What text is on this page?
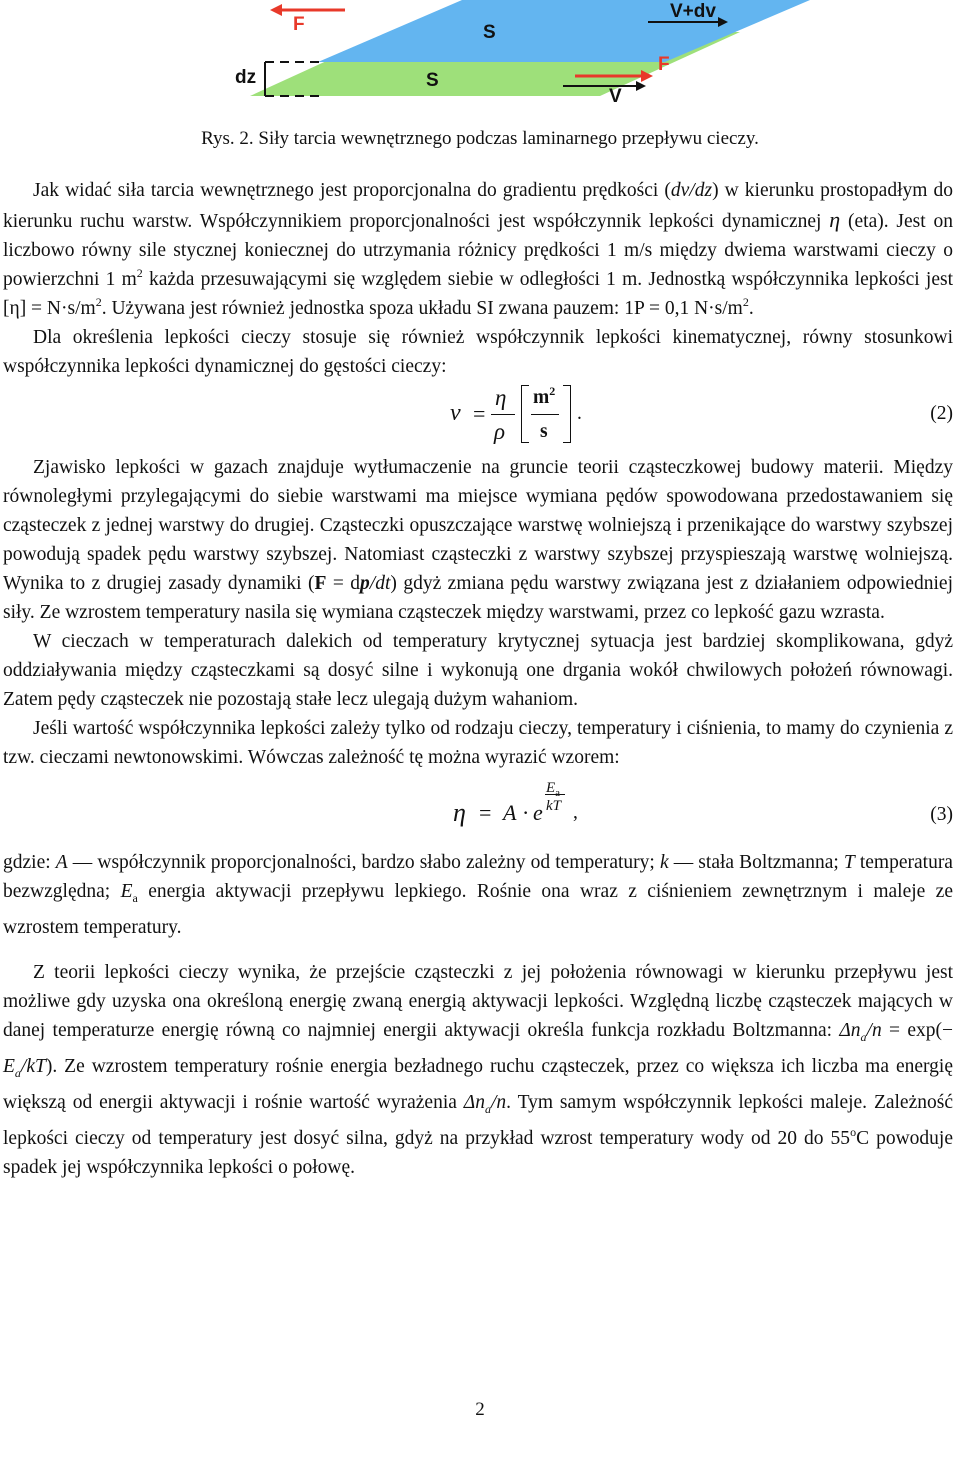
F	S
V+dv
dz	S
F
V
Rys. 2. Siły tarcia wewnętrznego podczas laminarnego przepływu cieczy.

Jak widać siła tarcia wewnętrznego jest proporcjonalna do gradientu prędkości (dv/dz) w kierunku prostopadłym do kierunku ruchu warstw. Współczynnikiem proporcjonalności jest współczynnik lepkości dynamicznej η (eta). Jest on liczbowo równy sile stycznej koniecznej do utrzymania różnicy prędkości 1 m/s między dwiema warstwami cieczy o powierzchni 1 $m^2$ każda przesuwającymi się względem siebie w odległości 1 m. Jednostką współczynnika lepkości jest $[\eta] = N\cdot s/m^2$. Używana jest również jednostka spoza układu SI zwana pauzem: 1P = 0,1 $N\cdot s/m^2$.

Dla określenia lepkości cieczy stosuje się również współczynnik lepkości kinematycznej, równy stosunkowi współczynnika lepkości dynamicznej do gęstości cieczy:

ν =
η
ρ
$m^2$
s
.	(2)

Zjawisko lepkości w gazach znajduje wytłumaczenie na gruncie teorii cząsteczkowej budowy materii. Między równoległymi przylegającymi do siebie warstwami ma miejsce wymiana pędów spowodowana przedostawaniem się cząsteczek z jednej warstwy do drugiej. Cząsteczki opuszczające warstwę wolniejszą i przenikające do warstwy szybszej powodują spadek pędu warstwy szybszej. Natomiast cząsteczki z warstwy szybszej przyspieszają warstwę wolniejszą. Wynika to z drugiej zasady dynamiki (F = dp/dt) gdyż zmiana pędu warstwy związana jest z działaniem odpowiedniej siły. Ze wzrostem temperatury nasila się wymiana cząsteczek między warstwami, przez co lepkość gazu wzrasta.

W cieczach w temperaturach dalekich od temperatury krytycznej sytuacja jest bardziej skomplikowana, gdyż oddziaływania między cząsteczkami są dosyć silne i wykonują one drgania wokół chwilowych położeń równowagi. Zatem pędy cząsteczek nie pozostają stałe lecz ulegają dużym wahaniom.

Jeśli wartość współczynnika lepkości zależy tylko od rodzaju cieczy, temperatury i ciśnienia, to mamy do czynienia z tzw. cieczami newtonowskimi. Wówczas zależność tę można wyrazić wzorem:

η = A · e
$E_a$
kT ,	(3)

gdzie: A — współczynnik proporcjonalności, bardzo słabo zależny od temperatury; k — stała Boltzmanna; T temperatura bezwzględna; $E_a$ energia aktywacji przepływu lepkiego. Rośnie ona wraz z ciśnieniem zewnętrznym i maleje ze wzrostem temperatury.

Z teorii lepkości cieczy wynika, że przejście cząsteczki z jej położenia równowagi w kierunku przepływu jest możliwe gdy uzyska ona określoną energię zwaną energią aktywacji lepkości. Względną liczbę cząsteczek mających w danej temperaturze energię równą co najmniej energii aktywacji określa funkcja rozkładu Boltzmanna: $\Delta n_a/n = \exp(- E_a/kT)$. Ze wzrostem temperatury rośnie energia bezładnego ruchu cząsteczek, przez co większa ich liczba ma energię większą od energii aktywacji i rośnie wartość wyrażenia $\Delta n_a/n$. Tym samym współczynnik lepkości maleje. Zależność lepkości cieczy od temperatury jest dosyć silna, gdyż na przykład wzrost temperatury wody od 20 do 55$^o$C powoduje spadek jej współczynnika lepkości o połowę.

2
